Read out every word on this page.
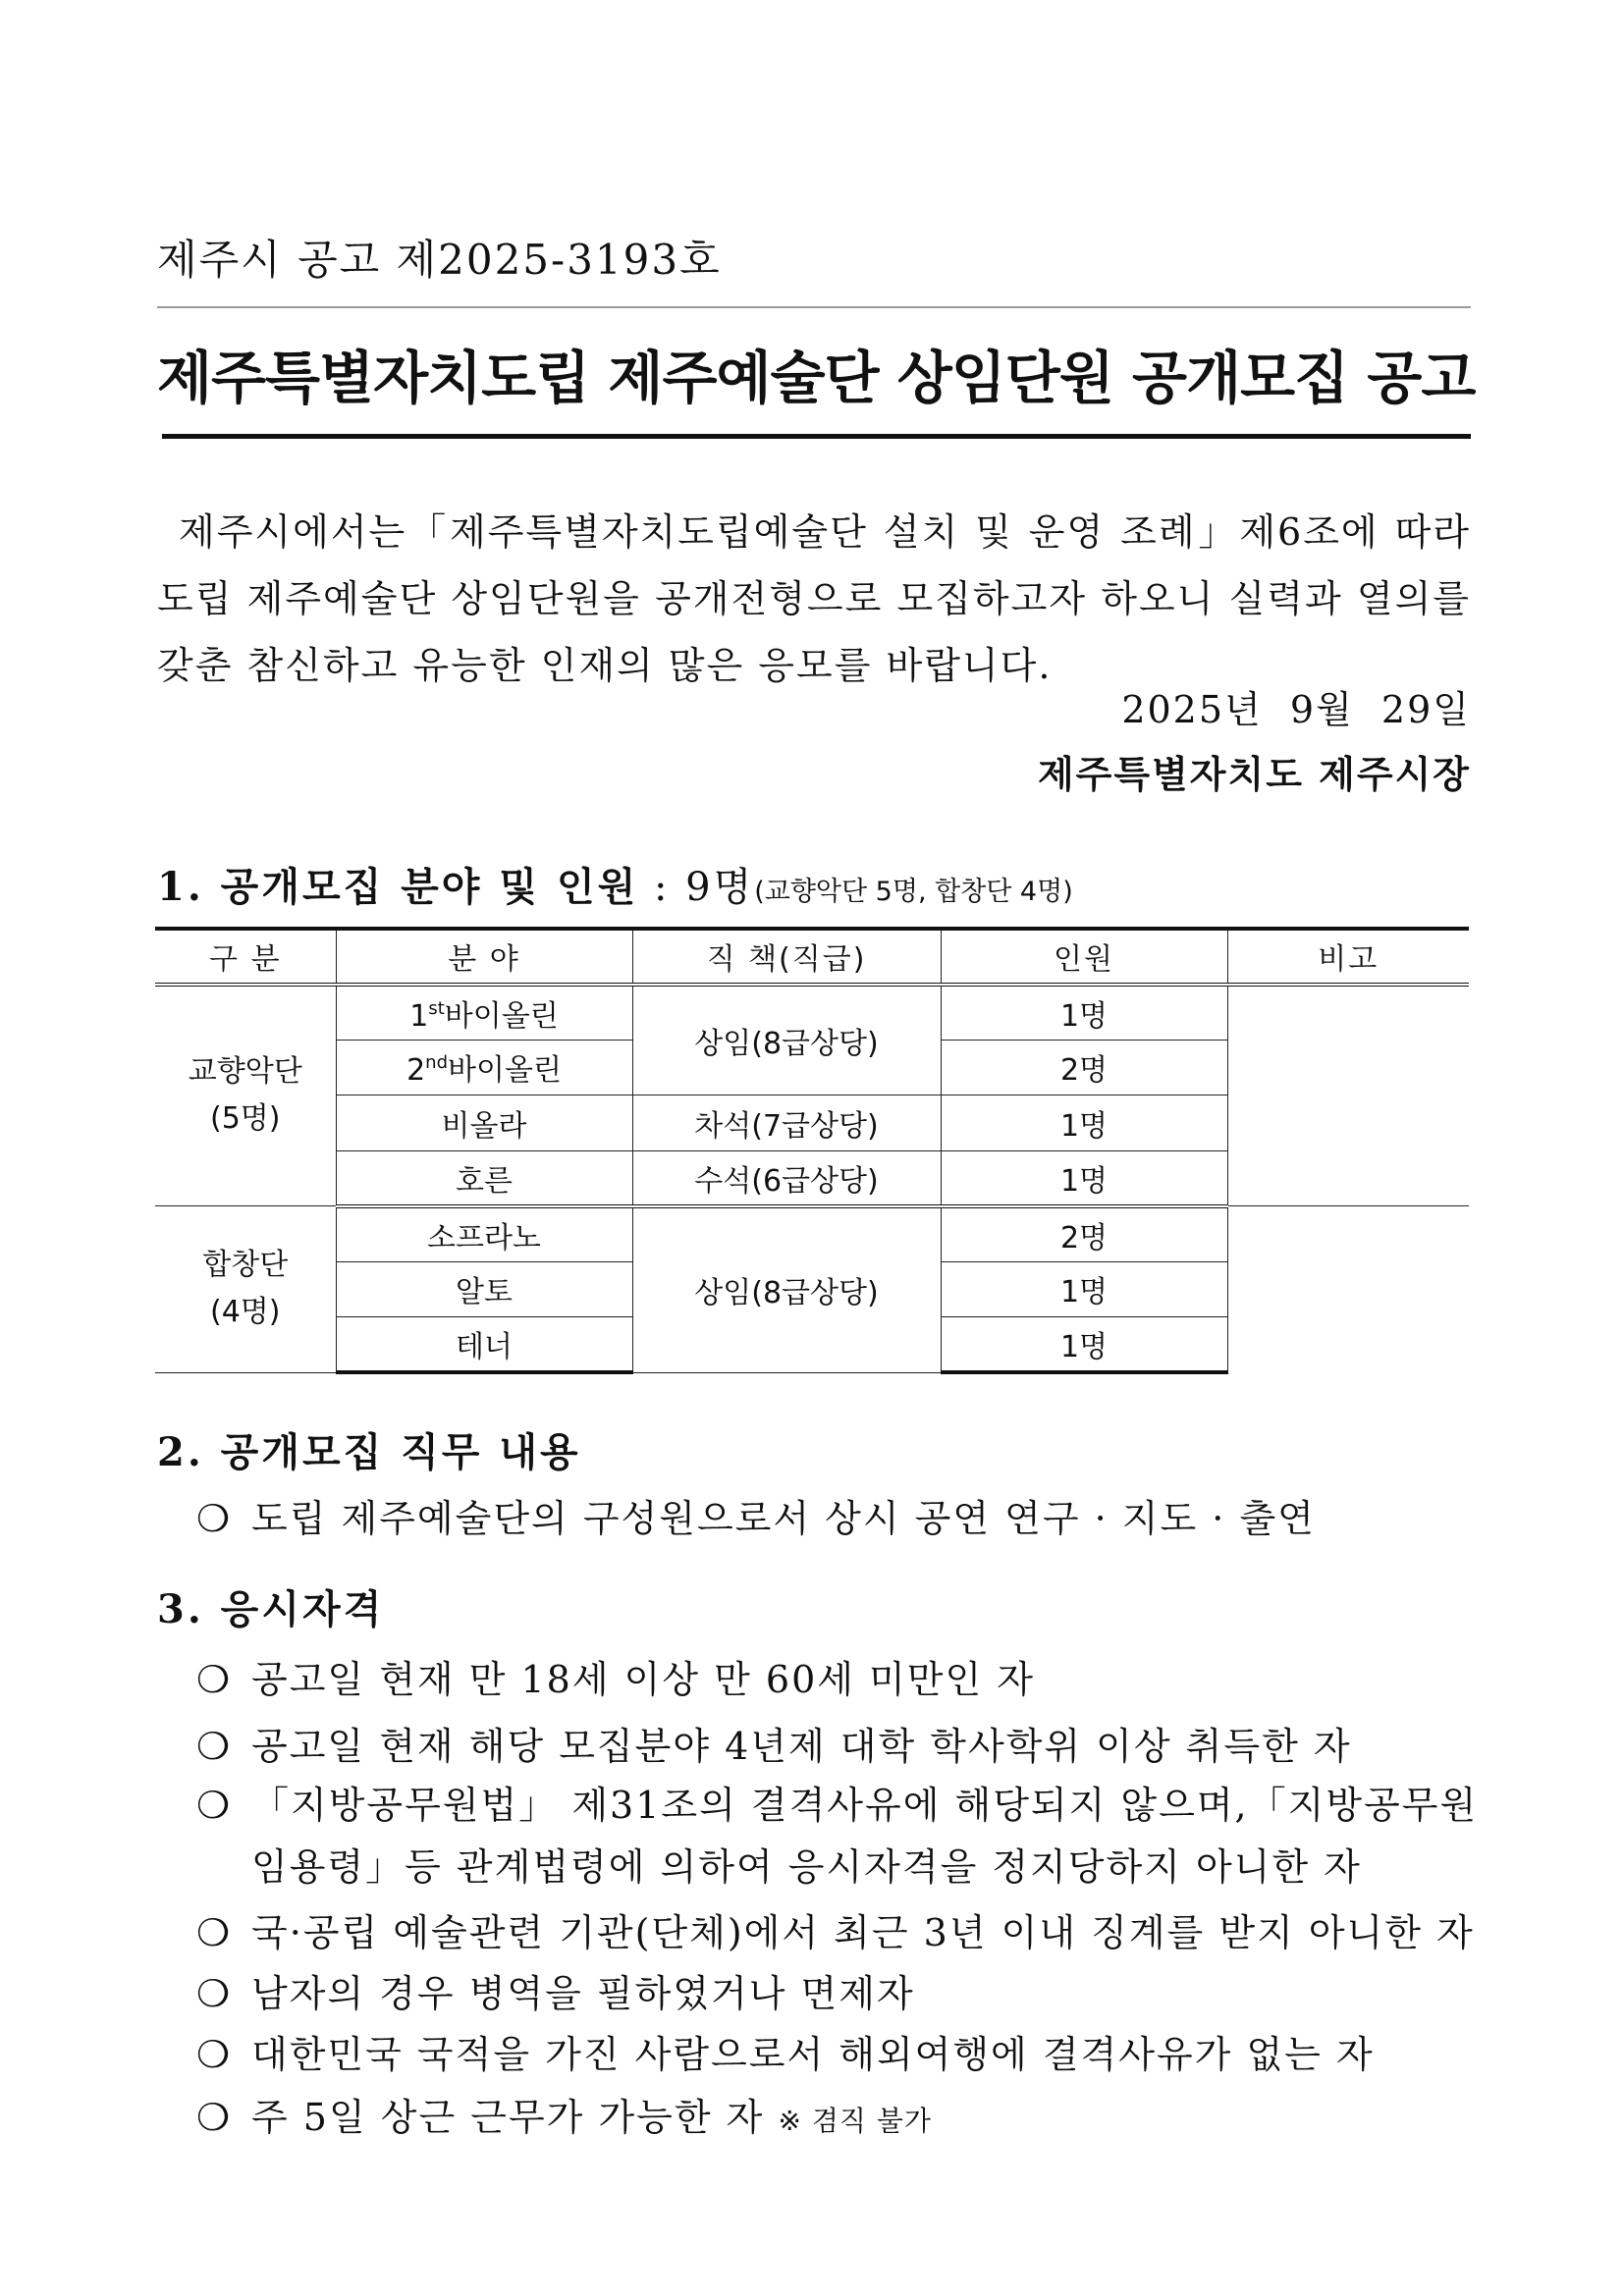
제주시 공고 제2025-3193호
제주특별자치도립 제주예술단 상임단원 공개모집 공고

제주시에서는「제주특별자치도립예술단 설치 및 운영 조례」제6조에 따라 도립 제주예술단 상임단원을 공개전형으로 모집하고자 하오니 실력과 열의를 갖춘 참신하고 유능한 인재의 많은 응모를 바랍니다.

2025년  9월  29일
제주특별자치도 제주시장
1. 공개모집 분야 및 인원 : 9명(교향악단 5명, 합창단 4명)
구 분	분 야	직 책(직급)	인원	비고

교향악단
(5명)	1st바이올린	상임(8급상당)	1명	
	2nd바이올린		2명	
	비올라	차석(7급상당)	1명	
	호른	수석(6급상당)	1명	

합창단
(4명)	소프라노	상임(8급상당)	2명	
	알토		1명	
	테너		1명	
2. 공개모집 직무 내용
❍ 도립 제주예술단의 구성원으로서 상시 공연 연구 · 지도 · 출연
3. 응시자격
❍ 공고일 현재 만 18세 이상 만 60세 미만인 자
❍ 공고일 현재 해당 모집분야 4년제 대학 학사학위 이상 취득한 자
❍ 「지방공무원법」 제31조의 결격사유에 해당되지 않으며,「지방공무원
임용령」등 관계법령에 의하여 응시자격을 정지당하지 아니한 자
❍ 국·공립 예술관련 기관(단체)에서 최근 3년 이내 징계를 받지 아니한 자
❍ 남자의 경우 병역을 필하였거나 면제자
❍ 대한민국 국적을 가진 사람으로서 해외여행에 결격사유가 없는 자
❍ 주 5일 상근 근무가 가능한 자 ※ 겸직 불가
